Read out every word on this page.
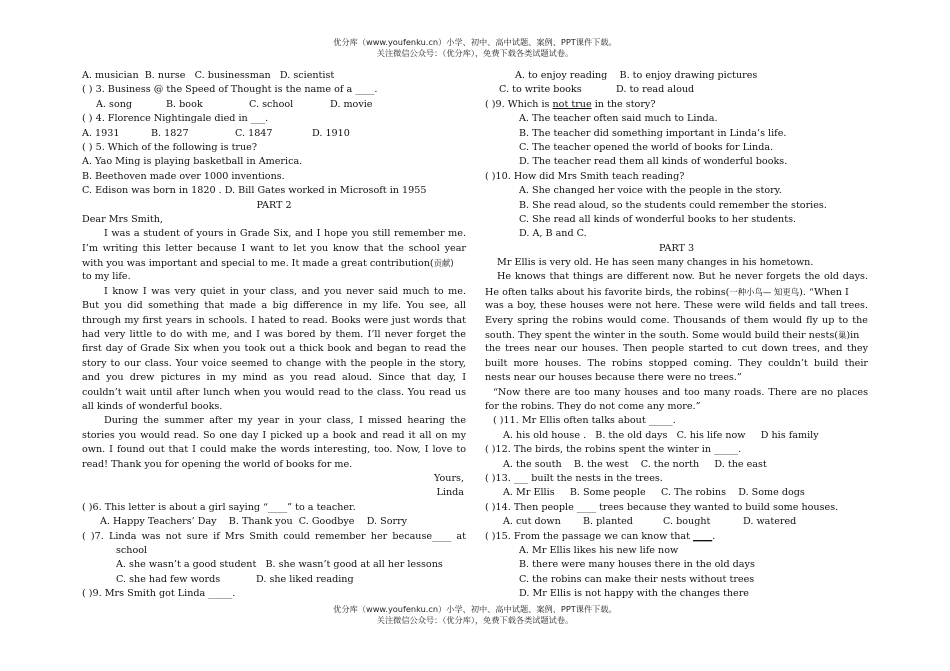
优分库（www.youfenku.cn）小学、初中、高中试题、案例、PPT课件下载。
关注微信公众号：（优分库），免费下载各类试题试卷。
A. musician B. nurse C. businessman D. scientist
( ) 3. Business @ the Speed of Thought is the name of a ____.
A. song	B. book	C. school	D. movie
( ) 4. Florence Nightingale died in ___.
A. 1931	B. 1827	C. 1847	D. 1910
( ) 5. Which of the following is true?
A. Yao Ming is playing basketball in America.
B. Beethoven made over 1000 inventions.
C. Edison was born in 1820 . D. Bill Gates worked in Microsoft in 1955
PART 2
Dear Mrs Smith,
I was a student of yours in Grade Six, and I hope you still remember me.
I’m writing this letter because I want to let you know that the school year
with you was important and special to me. It made a great contribution(贡献)
to my life.
I know I was very quiet in your class, and you never said much to me.
But you did something that made a big difference in my life. You see, all
through my first years in schools. I hated to read. Books were just words that
had very little to do with me, and I was bored by them. I’ll never forget the
first day of Grade Six when you took out a thick book and began to read the
story to our class. Your voice seemed to change with the people in the story,
and you drew pictures in my mind as you read aloud. Since that day, I
couldn’t wait until after lunch when you would read to the class. You read us
all kinds of wonderful books.
During the summer after my year in your class, I missed hearing the
stories you would read. So one day I picked up a book and read it all on my
own. I found out that I could make the words interesting, too. Now, I love to
read! Thank you for opening the world of books for me.
Yours,
Linda
( )6. This letter is about a girl saying “____” to a teacher.
A. Happy Teachers’ Day B. Thank you C. Goodbye D. Sorry
( )7. Linda was not sure if Mrs Smith could remember her because____ at
school
A. she wasn’t a good student B. she wasn’t good at all her lessons
C. she had few words	D. she liked reading
( )9. Mrs Smith got Linda _____.
A. to enjoy reading B. to enjoy drawing pictures
C. to write books	D. to read aloud
( )9. Which is not true in the story?
A. The teacher often said much to Linda.
B. The teacher did something important in Linda’s life.
C. The teacher opened the world of books for Linda.
D. The teacher read them all kinds of wonderful books.
( )10. How did Mrs Smith teach reading?
A. She changed her voice with the people in the story.
B. She read aloud, so the students could remember the stories.
C. She read all kinds of wonderful books to her students.
D. A, B and C.
PART 3
Mr Ellis is very old. He has seen many changes in his hometown.
He knows that things are different now. But he never forgets the old days.
He often talks about his favorite birds, the robins(一种小鸟— 知更鸟). “When I
was a boy, these houses were not here. These were wild fields and tall trees.
Every spring the robins would come. Thousands of them would fly up to the
south. They spent the winter in the south. Some would build their nests(巢)in
the trees near our houses. Then people started to cut down trees, and they
built more houses. The robins stopped coming. They couldn’t build their
nests near our houses because there were no trees.”
“Now there are too many houses and too many roads. There are no places
for the robins. They do not come any more.”
( )11. Mr Ellis often talks about _____.
A. his old house . B. the old days C. his life now D his family
( )12. The birds, the robins spent the winter in _____.
A. the south B. the west C. the north D. the east
( )13. ___ built the nests in the trees.
A. Mr Ellis B. Some people C. The robins D. Some dogs
( )14. Then people ____ trees because they wanted to build some houses.
A. cut down B. planted	C. bought	D. watered
( )15. From the passage we can know that ____.
A. Mr Ellis likes his new life now
B. there were many houses there in the old days
C. the robins can make their nests without trees
D. Mr Ellis is not happy with the changes there
优分库（www.youfenku.cn）小学、初中、高中试题、案例、PPT课件下载。
关注微信公众号：（优分库），免费下载各类试题试卷。
